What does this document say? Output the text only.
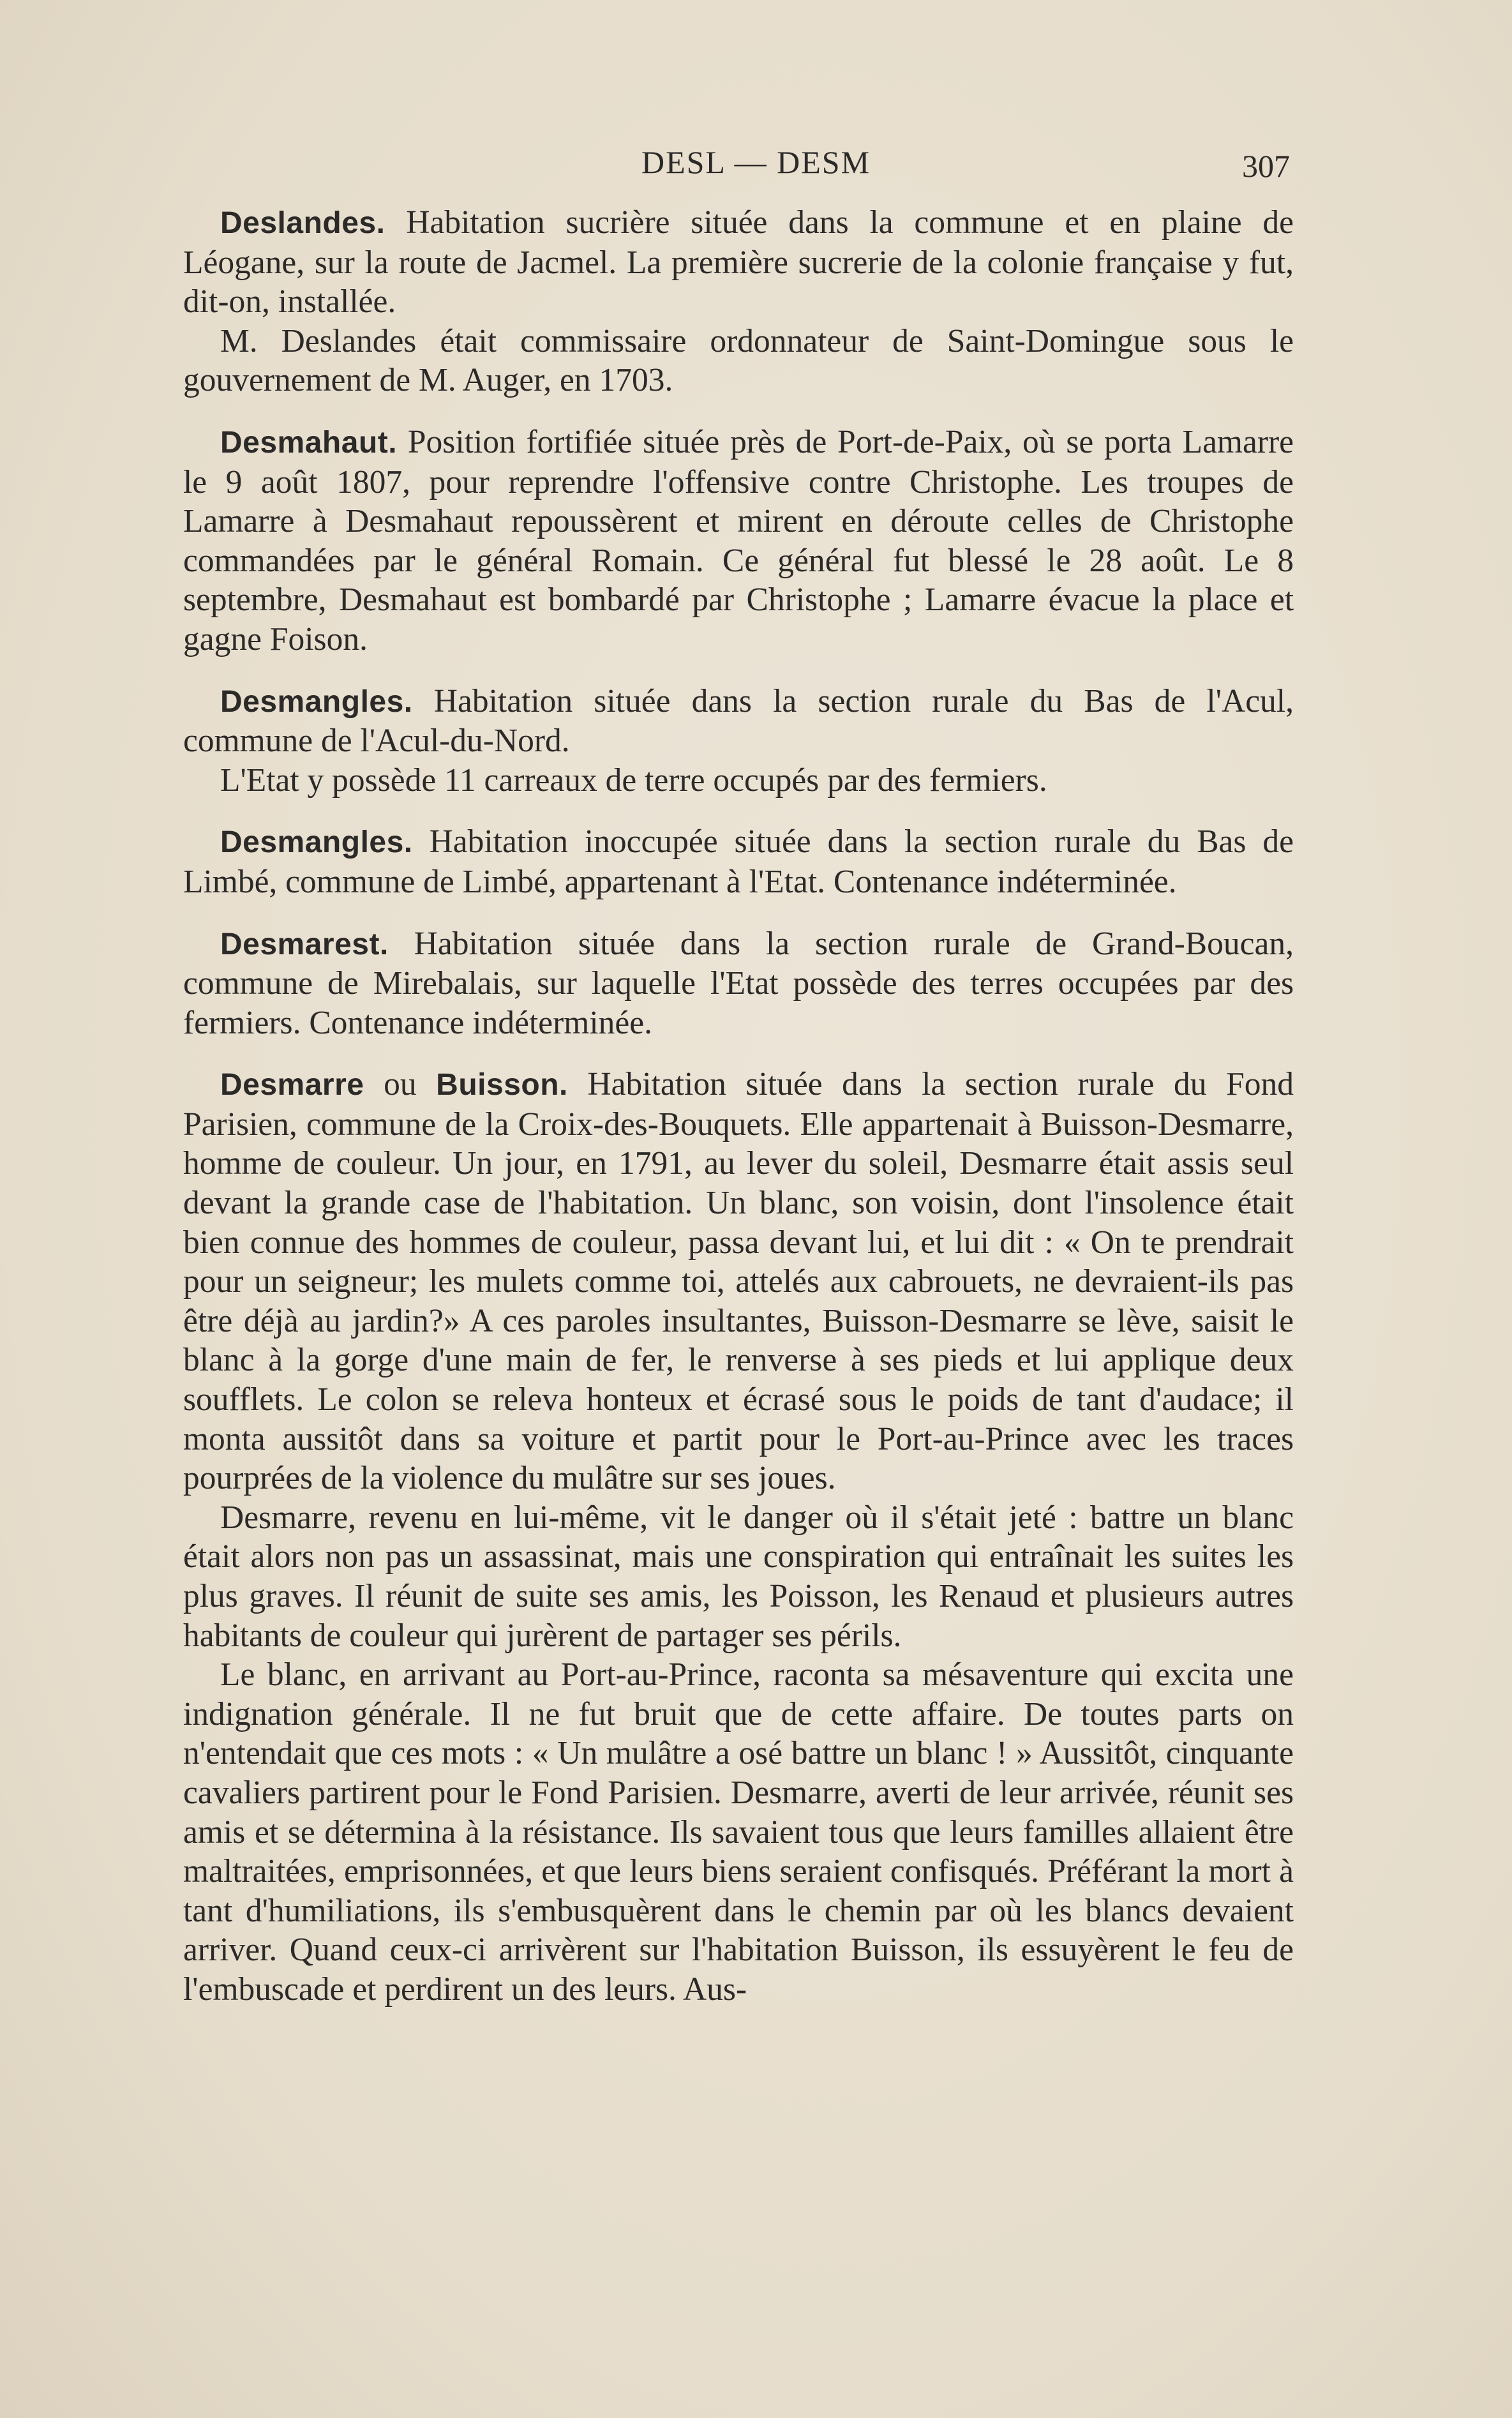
DESL — DESM	307

Deslandes. Habitation sucrière située dans la commune et en plaine de Léogane, sur la route de Jacmel. La première sucrerie de la colonie française y fut, dit-on, installée.

M. Deslandes était commissaire ordonnateur de Saint-Domingue sous le gouvernement de M. Auger, en 1703.

Desmahaut. Position fortifiée située près de Port-de-Paix, où se porta Lamarre le 9 août 1807, pour reprendre l'offensive contre Christophe. Les troupes de Lamarre à Desmahaut repoussèrent et mirent en déroute celles de Christophe commandées par le général Romain. Ce général fut blessé le 28 août. Le 8 septembre, Desmahaut est bombardé par Christophe ; Lamarre évacue la place et gagne Foison.

Desmangles. Habitation située dans la section rurale du Bas de l'Acul, commune de l'Acul-du-Nord.

L'Etat y possède 11 carreaux de terre occupés par des fermiers.

Desmangles. Habitation inoccupée située dans la section rurale du Bas de Limbé, commune de Limbé, appartenant à l'Etat. Contenance indéterminée.

Desmarest. Habitation située dans la section rurale de Grand-Boucan, commune de Mirebalais, sur laquelle l'Etat possède des terres occupées par des fermiers. Contenance indéterminée.

Desmarre ou Buisson. Habitation située dans la section rurale du Fond Parisien, commune de la Croix-des-Bouquets. Elle appartenait à Buisson-Desmarre, homme de couleur. Un jour, en 1791, au lever du soleil, Desmarre était assis seul devant la grande case de l'habitation. Un blanc, son voisin, dont l'insolence était bien connue des hommes de couleur, passa devant lui, et lui dit : « On te prendrait pour un seigneur; les mulets comme toi, attelés aux cabrouets, ne devraient-ils pas être déjà au jardin?» A ces paroles insultantes, Buisson-Desmarre se lève, saisit le blanc à la gorge d'une main de fer, le renverse à ses pieds et lui applique deux soufflets. Le colon se releva honteux et écrasé sous le poids de tant d'audace; il monta aussitôt dans sa voiture et partit pour le Port-au-Prince avec les traces pourprées de la violence du mulâtre sur ses joues.

Desmarre, revenu en lui-même, vit le danger où il s'était jeté : battre un blanc était alors non pas un assassinat, mais une conspiration qui entraînait les suites les plus graves. Il réunit de suite ses amis, les Poisson, les Renaud et plusieurs autres habitants de couleur qui jurèrent de partager ses périls.

Le blanc, en arrivant au Port-au-Prince, raconta sa mésaventure qui excita une indignation générale. Il ne fut bruit que de cette affaire. De toutes parts on n'entendait que ces mots : « Un mulâtre a osé battre un blanc ! » Aussitôt, cinquante cavaliers partirent pour le Fond Parisien. Desmarre, averti de leur arrivée, réunit ses amis et se détermina à la résistance. Ils savaient tous que leurs familles allaient être maltraitées, emprisonnées, et que leurs biens seraient confisqués. Préférant la mort à tant d'humiliations, ils s'embusquèrent dans le chemin par où les blancs devaient arriver. Quand ceux-ci arrivèrent sur l'habitation Buisson, ils essuyèrent le feu de l'embuscade et perdirent un des leurs. Aus-
